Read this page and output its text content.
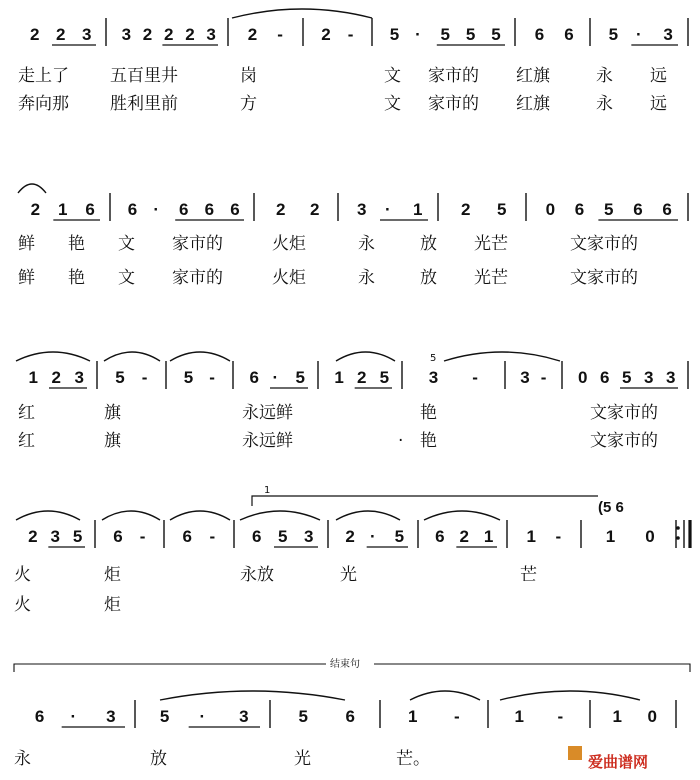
2 2 3 3 2 2 2 3 2 - 2 - 5 · 5 5 5 6 6 5 · 3
走上了 五百里井	岗	文 家市的 红旗	永 远
奔向那 胜利里前	方	文 家市的 红旗	永 远
2 1 6 6 · 6 6 6 2 2 3 · 1 2 5 0 6 5 6 6
鲜 艳 文 家市的	火炬	永	放 光芒	文家市的
鲜 艳 文 家市的	火炬	永	放 光芒	文家市的
1 2 3 5 - 5 - 6 · 5 1 2 5 3 - 3 - 0 6 5 3 3
红	旗	永远鲜	艳	文家市的
红	旗	永远鲜	· 艳	文家市的
5
2 3 5 6 - 6 - 6 5 3 2 · 5 6 2 1 1 -	1 0
火	炬	永放	光	芒
火	炬
1
(5 6
6 · 3	5 · 3	5 6	1 -	1 -	1 0
永	放	光	芒。
结束句
爱曲谱网
